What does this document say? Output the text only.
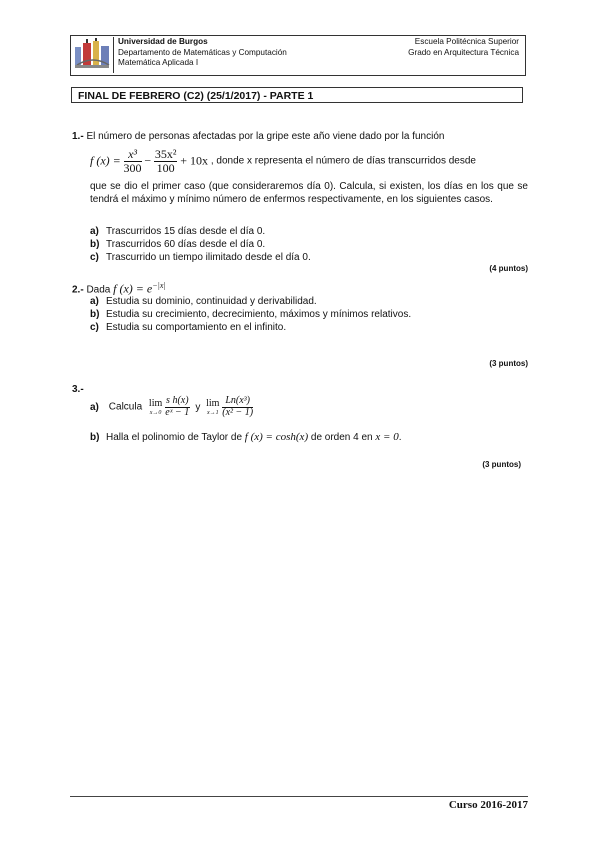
Universidad de Burgos
Departamento de Matemáticas y Computación
Matemática Aplicada I
Escuela Politécnica Superior
Grado en Arquitectura Técnica
FINAL DE FEBRERO (C2) (25/1/2017) - PARTE 1
1.- El número de personas afectadas por la gripe este año viene dado por la función
f $(x) = \frac{\text{x³}}{300} - \frac{\text{35x²}}{100} + 10x$ , donde x representa el número de días transcurridos desde
que se dio el primer caso (que consideraremos día 0). Calcula, si existen, los días en los que se tendrá el máximo y mínimo número de enfermos respectivamente, en los siguientes casos.
a) Trascurridos 15 días desde el día 0.
b) Trascurridos 60 días desde el día 0.
c) Trascurrido un tiempo ilimitado desde el día 0.
(4 puntos)
2.- Dada f $(x) = e^{-|x|}$
a) Estudia su dominio, continuidad y derivabilidad.
b) Estudia su crecimiento, decrecimiento, máximos y mínimos relativos.
c) Estudia su comportamiento en el infinito.
(3 puntos)
3.-
a) Calcula lim
x→0
$\frac{\text{s h(x)}}{\text{eˣ − 1}}$ y lim
x→1
$\frac{\text{Ln(x³)}}{\text{(x² − 1)}}$
b) Halla el polinomio de Taylor de f (x) = cosh(x) de orden 4 en x = 0.
(3 puntos)
Curso 2016-2017
